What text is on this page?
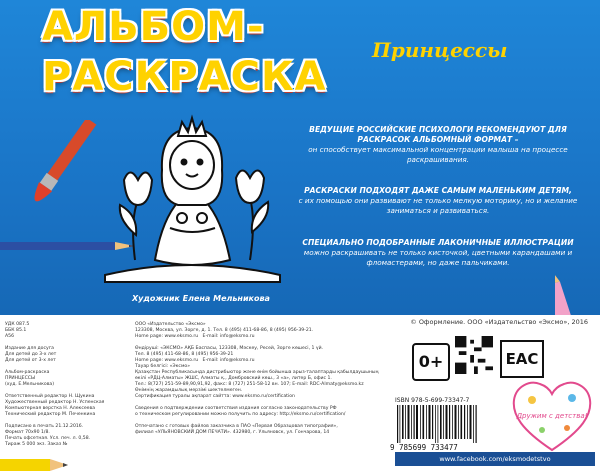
АЛЬБОМ-
РАСКРАСКА
Принцессы
ВЕДУЩИЕ РОССИЙСКИЕ ПСИХОЛОГИ РЕКОМЕНДУЮТ ДЛЯ РАСКРАСОК АЛЬБОМНЫЙ ФОРМАТ –
он способствует максимальной концентрации малыша на процессе раскрашивания.
РАСКРАСКИ ПОДХОДЯТ ДАЖЕ САМЫМ МАЛЕНЬКИМ ДЕТЯМ,
с их помощью они развивают не только мелкую моторику, но и желание заниматься и развиваться.
СПЕЦИАЛЬНО ПОДОБРАННЫЕ ЛАКОНИЧНЫЕ ИЛЛЮСТРАЦИИ
можно раскрашивать не только кисточкой, цветными карандашами и фломастерами, но даже пальчиками.
Художник Елена Мельникова
© Оформление. ООО «Издательство «Эксмо», 2016
УДК 087.5
ББК 85.1
А56

Издание для досуга
Для детей до 3-х лет
Для детей от 3-х лет

Альбом-раскраска
ПРИНЦЕССЫ
(худ. Е.Мельникова)

Ответственный редактор Н. Щукина
Художественный редактор Н. Успенская
Компьютерная верстка Н. Алексеева
Технический редактор М. Печенкина

Подписано в печать 21.12.2016.
Формат 70x90 1/8.
Печать офсетная. Усл. печ. л. 0,58.
Тираж 5 000 экз. Заказ №
ООО «Издательство «Эксмо»
123308, Москва, ул. Зорге, д. 1. Тел. 8 (495) 411-68-86, 8 (495) 956-39-21.
Home page: www.eksmo.ru   E-mail: info@eksmo.ru

Өндіруші: «ЭКСМО» АҚБ Баспасы, 123308, Мәскеу, Ресей, Зорге көшесі, 1 үй.
Тел. 8 (495) 411-68-86, 8 (495) 956-39-21
Home page: www.eksmo.ru   E-mail: info@eksmo.ru
Тауар белгісі: «Эксмо»
Қазақстан Республикасында дистрибьютор және өнім бойынша арыз-талаптарды қабылдаушының
өкілі «РДЦ-Алматы» ЖШС, Алматы қ., Домбровский көш., 3 «а», литер Б, офис 1.
Тел.: 8(727) 251-59-89,90,91,92, факс: 8 (727) 251-58-12 вн. 107; E-mail: RDC-Almaty@eksmo.kz
Өнімнің жарамдылық мерзімі шектелмеген.
Сертификация туралы ақпарат сайтта: www.eksmo.ru/certification

Сведения о подтверждении соответствия издания согласно законодательству РФ
о техническом регулировании можно получить по адресу: http://eksmo.ru/certification/

Отпечатано с готовых файлов заказчика в ПАО «Первая Образцовая типография»,
филиал «УЛЬЯНОВСКИЙ ДОМ ПЕЧАТИ». 432980, г. Ульяновск, ул. Гончарова, 14
0+	EAC
ISBN 978-5-699-73347-7
9 785699 733477
Дружим с детства!
www.facebook.com/eksmodetstvo
